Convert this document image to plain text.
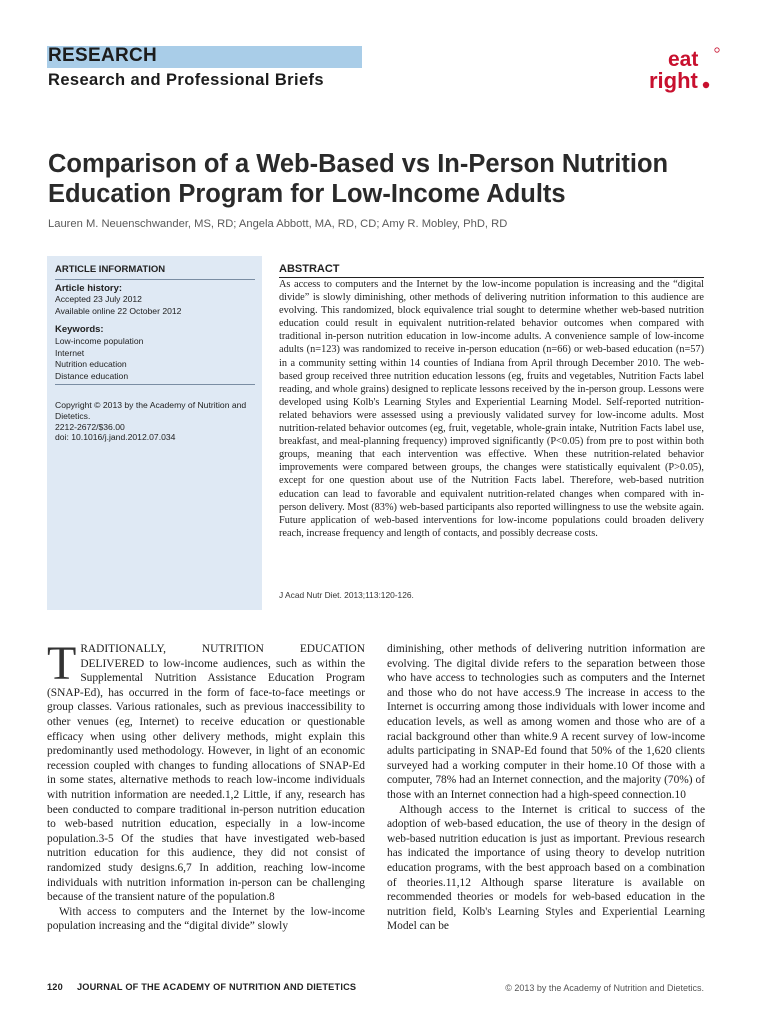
RESEARCH
Research and Professional Briefs
eat
right
Comparison of a Web-Based vs In-Person Nutrition Education Program for Low-Income Adults
Lauren M. Neuenschwander, MS, RD; Angela Abbott, MA, RD, CD; Amy R. Mobley, PhD, RD
ARTICLE INFORMATION
Article history:
Accepted 23 July 2012
Available online 22 October 2012
Keywords:
Low-income population
Internet
Nutrition education
Distance education
Copyright © 2013 by the Academy of Nutrition and Dietetics.
2212-2672/$36.00
doi: 10.1016/j.jand.2012.07.034
ABSTRACT

As access to computers and the Internet by the low-income population is increasing and the “digital divide” is slowly diminishing, other methods of delivering nutrition information to this audience are evolving. This randomized, block equivalence trial sought to determine whether web-based nutrition education could result in equivalent nutrition-related behavior outcomes when compared with traditional in-person nutrition education in low-income adults. A convenience sample of low-income adults (n=123) was randomized to receive in-person education (n=66) or web-based education (n=57) in a community setting within 14 counties of Indiana from April through December 2010. The web-based group received three nutrition education lessons (eg, fruits and vegetables, Nutrition Facts label reading, and whole grains) designed to replicate lessons received by the in-person group. Lessons were developed using Kolb's Learning Styles and Experiential Learning Model. Self-reported nutrition-related behaviors were assessed using a previously validated survey for low-income adults. Most nutrition-related behavior outcomes (eg, fruit, vegetable, whole-grain intake, Nutrition Facts label use, breakfast, and meal-planning frequency) improved significantly (P<0.05) from pre to post within both groups, meaning that each intervention was effective. When these nutrition-related behavior improvements were compared between groups, the changes were statistically equivalent (P>0.05), except for one question about use of the Nutrition Facts label. Therefore, web-based nutrition education can lead to favorable and equivalent nutrition-related changes when compared with in-person delivery. Most (83%) web-based participants also reported willingness to use the website again. Future application of web-based interventions for low-income populations could broaden delivery reach, increase frequency and length of contacts, and possibly decrease costs.

J Acad Nutr Diet. 2013;113:120-126.

TRADITIONALLY, NUTRITION EDUCATION DELIVERED to low-income audiences, such as within the Supplemental Nutrition Assistance Education Program (SNAP-Ed), has occurred in the form of face-to-face meetings or group classes. Various rationales, such as previous inaccessibility to other venues (eg, Internet) to receive education or questionable efficacy when using other delivery methods, might explain this predominantly used methodology. However, in light of an economic recession coupled with changes to funding allocations of SNAP-Ed in some states, alternative methods to reach low-income individuals with nutrition information are needed.1,2 Little, if any, research has been conducted to compare traditional in-person nutrition education to web-based nutrition education, especially in a low-income population.3-5 Of the studies that have investigated web-based nutrition education for this audience, they did not consist of randomized study designs.6,7 In addition, reaching low-income individuals with nutrition information in-person can be challenging because of the transient nature of the population.8

With access to computers and the Internet by the low-income population increasing and the “digital divide” slowly

diminishing, other methods of delivering nutrition information are evolving. The digital divide refers to the separation between those who have access to technologies such as computers and the Internet and those who do not have access.9 The increase in access to the Internet is occurring among those individuals with lower income and education levels, as well as among women and those who are of a racial background other than white.9 A recent survey of low-income adults participating in SNAP-Ed found that 50% of the 1,620 clients surveyed had a working computer in their home.10 Of those with a computer, 78% had an Internet connection, and the majority (70%) of those with an Internet connection had a high-speed connection.10

Although access to the Internet is critical to success of the adoption of web-based education, the use of theory in the design of web-based nutrition education is just as important. Previous research has indicated the importance of using theory to develop nutrition education programs, with the best approach based on a combination of theories.11,12 Although sparse literature is available on recommended theories or models for web-based education in the nutrition field, Kolb's Learning Styles and Experiential Learning Model can be

120 JOURNAL OF THE ACADEMY OF NUTRITION AND DIETETICS	© 2013 by the Academy of Nutrition and Dietetics.
